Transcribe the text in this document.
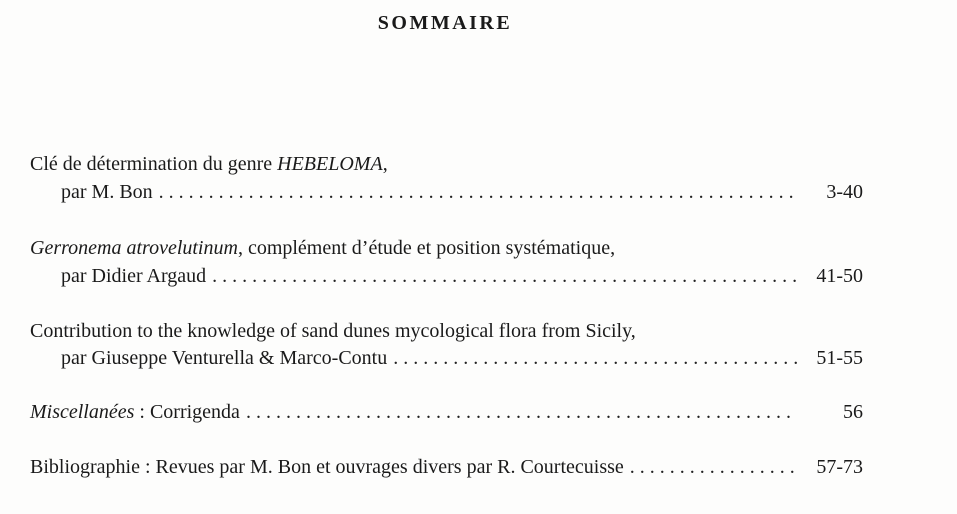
SOMMAIRE
Clé de détermination du genre HEBELOMA,
par M. Bon . . .	3-40
Gerronema atrovelutinum, complément d’étude et position systématique,
par Didier Argaud . . .	41-50
Contribution to the knowledge of sand dunes mycological flora from Sicily,
par Giuseppe Venturella & Marco-Contu . . .	51-55
Miscellanées : Corrigenda . . .	56
Bibliographie : Revues par M. Bon et ouvrages divers par R. Courtecuisse . . .	57-73
